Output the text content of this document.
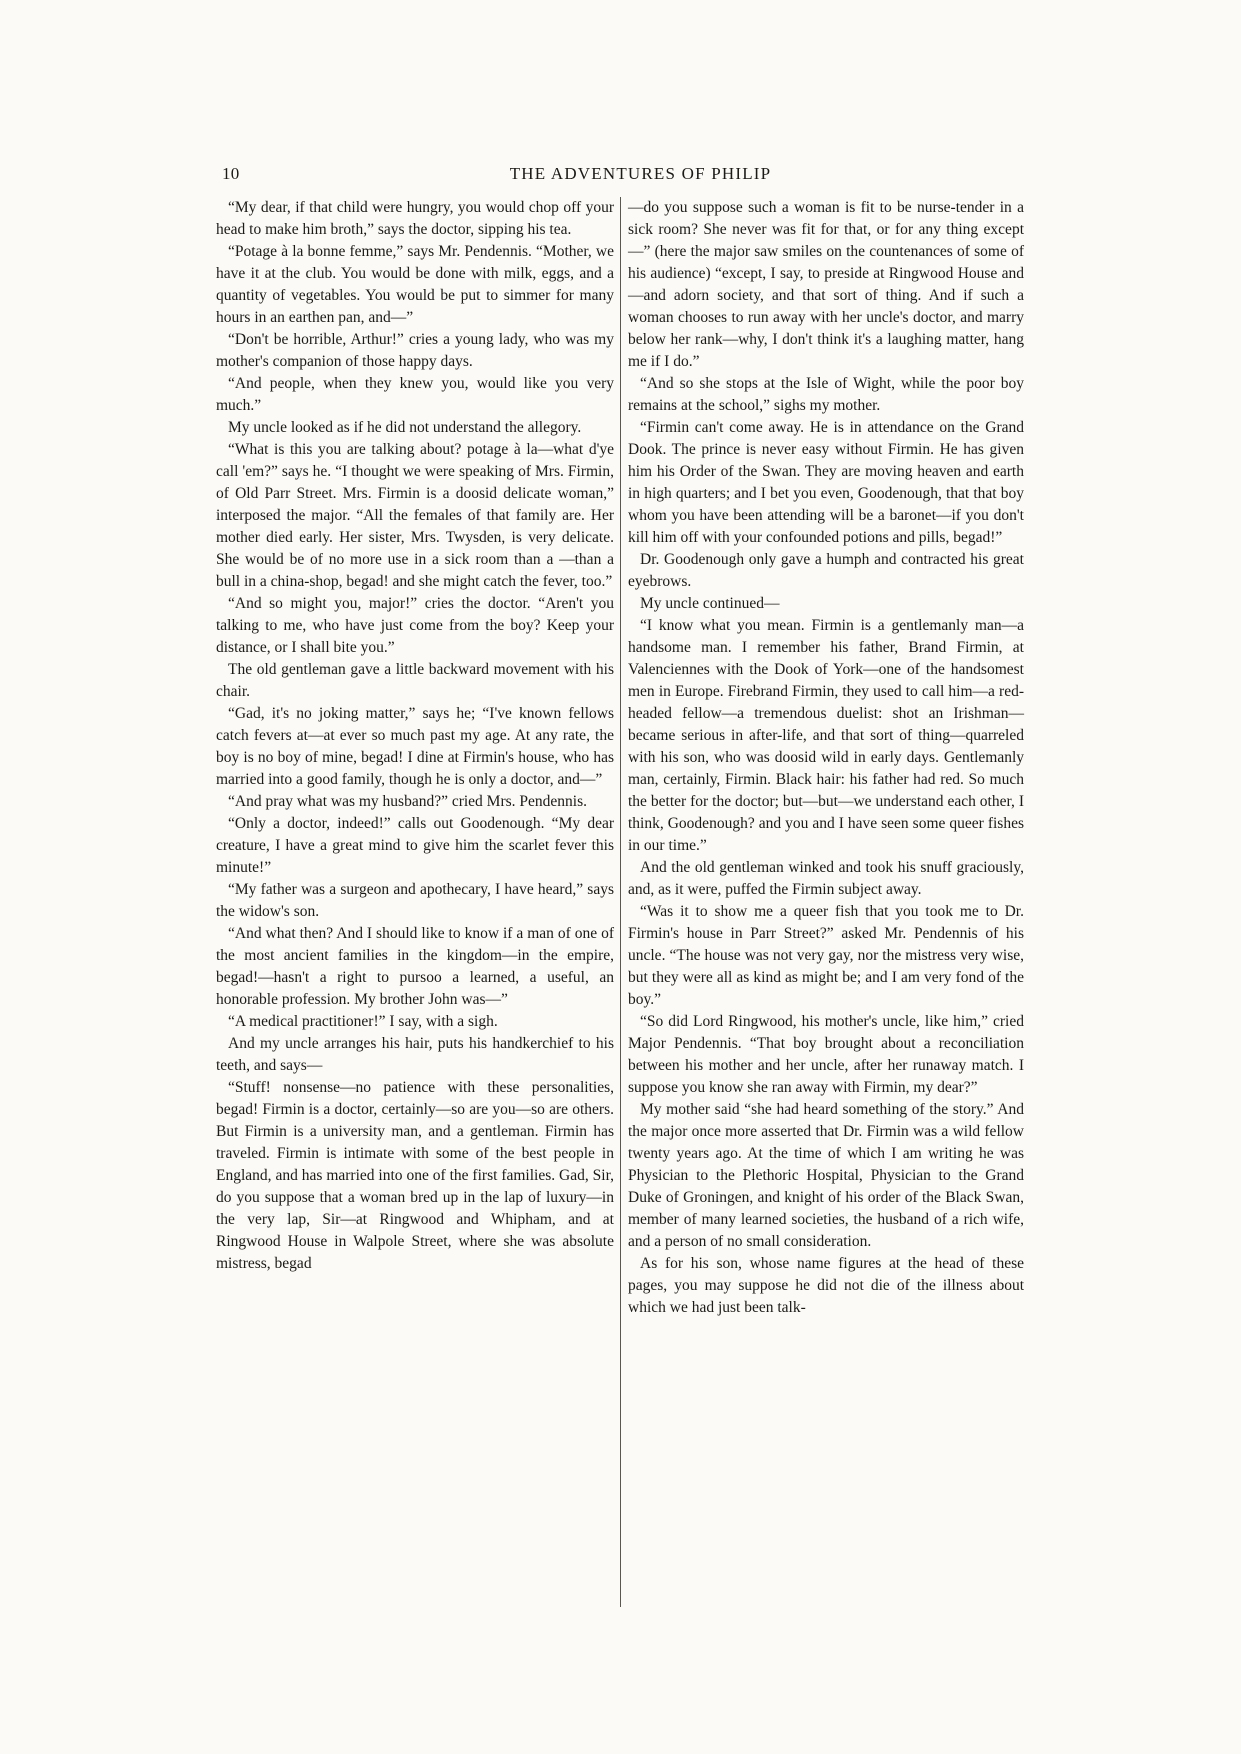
10	THE ADVENTURES OF PHILIP

“My dear, if that child were hungry, you would chop off your head to make him broth,” says the doctor, sipping his tea.

“Potage à la bonne femme,” says Mr. Pendennis. “Mother, we have it at the club. You would be done with milk, eggs, and a quantity of vegetables. You would be put to simmer for many hours in an earthen pan, and—”

“Don't be horrible, Arthur!” cries a young lady, who was my mother's companion of those happy days.

“And people, when they knew you, would like you very much.”

My uncle looked as if he did not understand the allegory.

“What is this you are talking about? potage à la—what d'ye call 'em?” says he. “I thought we were speaking of Mrs. Firmin, of Old Parr Street. Mrs. Firmin is a doosid delicate woman,” interposed the major. “All the females of that family are. Her mother died early. Her sister, Mrs. Twysden, is very delicate. She would be of no more use in a sick room than a —than a bull in a china-shop, begad! and she might catch the fever, too.”

“And so might you, major!” cries the doctor. “Aren't you talking to me, who have just come from the boy? Keep your distance, or I shall bite you.”

The old gentleman gave a little backward movement with his chair.

“Gad, it's no joking matter,” says he; “I've known fellows catch fevers at—at ever so much past my age. At any rate, the boy is no boy of mine, begad! I dine at Firmin's house, who has married into a good family, though he is only a doctor, and—”

“And pray what was my husband?” cried Mrs. Pendennis.

“Only a doctor, indeed!” calls out Goodenough. “My dear creature, I have a great mind to give him the scarlet fever this minute!”

“My father was a surgeon and apothecary, I have heard,” says the widow's son.

“And what then? And I should like to know if a man of one of the most ancient families in the kingdom—in the empire, begad!—hasn't a right to pursoo a learned, a useful, an honorable profession. My brother John was—”

“A medical practitioner!” I say, with a sigh.

And my uncle arranges his hair, puts his handkerchief to his teeth, and says—

“Stuff! nonsense—no patience with these personalities, begad! Firmin is a doctor, certainly—so are you—so are others. But Firmin is a university man, and a gentleman. Firmin has traveled. Firmin is intimate with some of the best people in England, and has married into one of the first families. Gad, Sir, do you suppose that a woman bred up in the lap of luxury—in the very lap, Sir—at Ringwood and Whipham, and at Ringwood House in Walpole Street, where she was absolute mistress, begad

—do you suppose such a woman is fit to be nurse-tender in a sick room? She never was fit for that, or for any thing except—” (here the major saw smiles on the countenances of some of his audience) “except, I say, to preside at Ringwood House and—and adorn society, and that sort of thing. And if such a woman chooses to run away with her uncle's doctor, and marry below her rank—why, I don't think it's a laughing matter, hang me if I do.”

“And so she stops at the Isle of Wight, while the poor boy remains at the school,” sighs my mother.

“Firmin can't come away. He is in attendance on the Grand Dook. The prince is never easy without Firmin. He has given him his Order of the Swan. They are moving heaven and earth in high quarters; and I bet you even, Goodenough, that that boy whom you have been attending will be a baronet—if you don't kill him off with your confounded potions and pills, begad!”

Dr. Goodenough only gave a humph and contracted his great eyebrows.

My uncle continued—

“I know what you mean. Firmin is a gentlemanly man—a handsome man. I remember his father, Brand Firmin, at Valenciennes with the Dook of York—one of the handsomest men in Europe. Firebrand Firmin, they used to call him—a red-headed fellow—a tremendous duelist: shot an Irishman—became serious in after-life, and that sort of thing—quarreled with his son, who was doosid wild in early days. Gentlemanly man, certainly, Firmin. Black hair: his father had red. So much the better for the doctor; but—but—we understand each other, I think, Goodenough? and you and I have seen some queer fishes in our time.”

And the old gentleman winked and took his snuff graciously, and, as it were, puffed the Firmin subject away.

“Was it to show me a queer fish that you took me to Dr. Firmin's house in Parr Street?” asked Mr. Pendennis of his uncle. “The house was not very gay, nor the mistress very wise, but they were all as kind as might be; and I am very fond of the boy.”

“So did Lord Ringwood, his mother's uncle, like him,” cried Major Pendennis. “That boy brought about a reconciliation between his mother and her uncle, after her runaway match. I suppose you know she ran away with Firmin, my dear?”

My mother said “she had heard something of the story.” And the major once more asserted that Dr. Firmin was a wild fellow twenty years ago. At the time of which I am writing he was Physician to the Plethoric Hospital, Physician to the Grand Duke of Groningen, and knight of his order of the Black Swan, member of many learned societies, the husband of a rich wife, and a person of no small consideration.

As for his son, whose name figures at the head of these pages, you may suppose he did not die of the illness about which we had just been talk-
